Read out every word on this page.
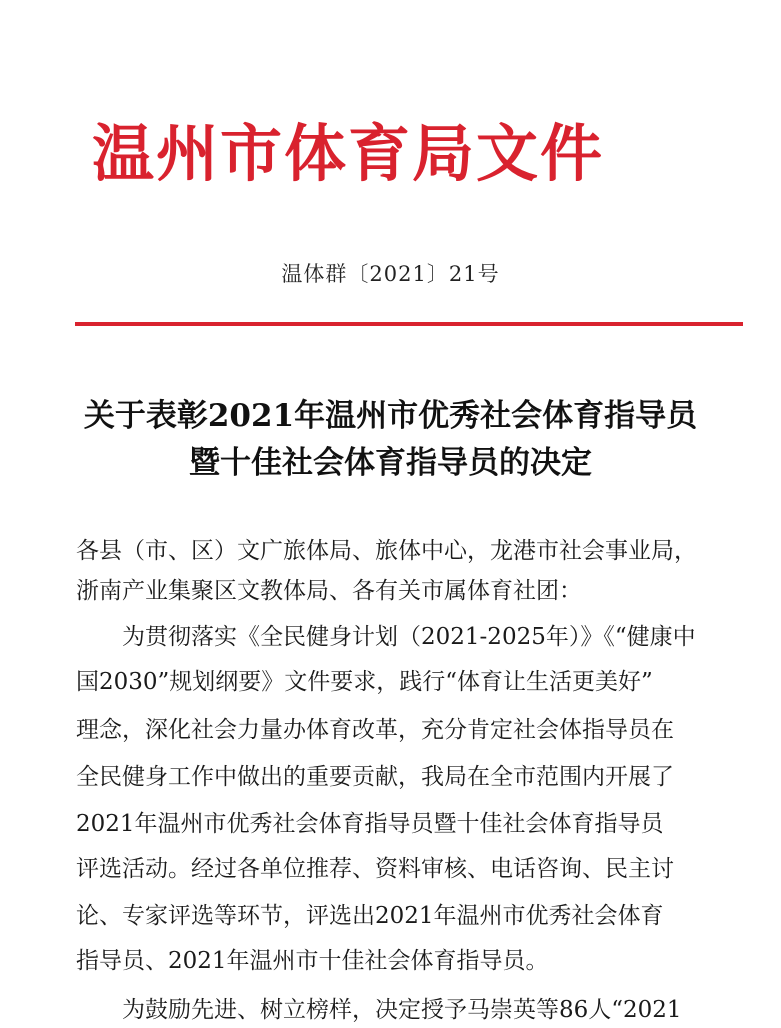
温州市体育局文件
温体群〔2021〕21号
关于表彰2021年温州市优秀社会体育指导员
暨十佳社会体育指导员的决定
各县（市、区）文广旅体局、旅体中心，龙港市社会事业局，
浙南产业集聚区文教体局、各有关市属体育社团：
为贯彻落实《全民健身计划（2021-2025年）》《“健康中
国2030”规划纲要》文件要求，践行“体育让生活更美好”
理念，深化社会力量办体育改革，充分肯定社会体指导员在
全民健身工作中做出的重要贡献，我局在全市范围内开展了
2021年温州市优秀社会体育指导员暨十佳社会体育指导员
评选活动。经过各单位推荐、资料审核、电话咨询、民主讨
论、专家评选等环节，评选出2021年温州市优秀社会体育
指导员、2021年温州市十佳社会体育指导员。
为鼓励先进、树立榜样，决定授予马崇英等86人“2021
